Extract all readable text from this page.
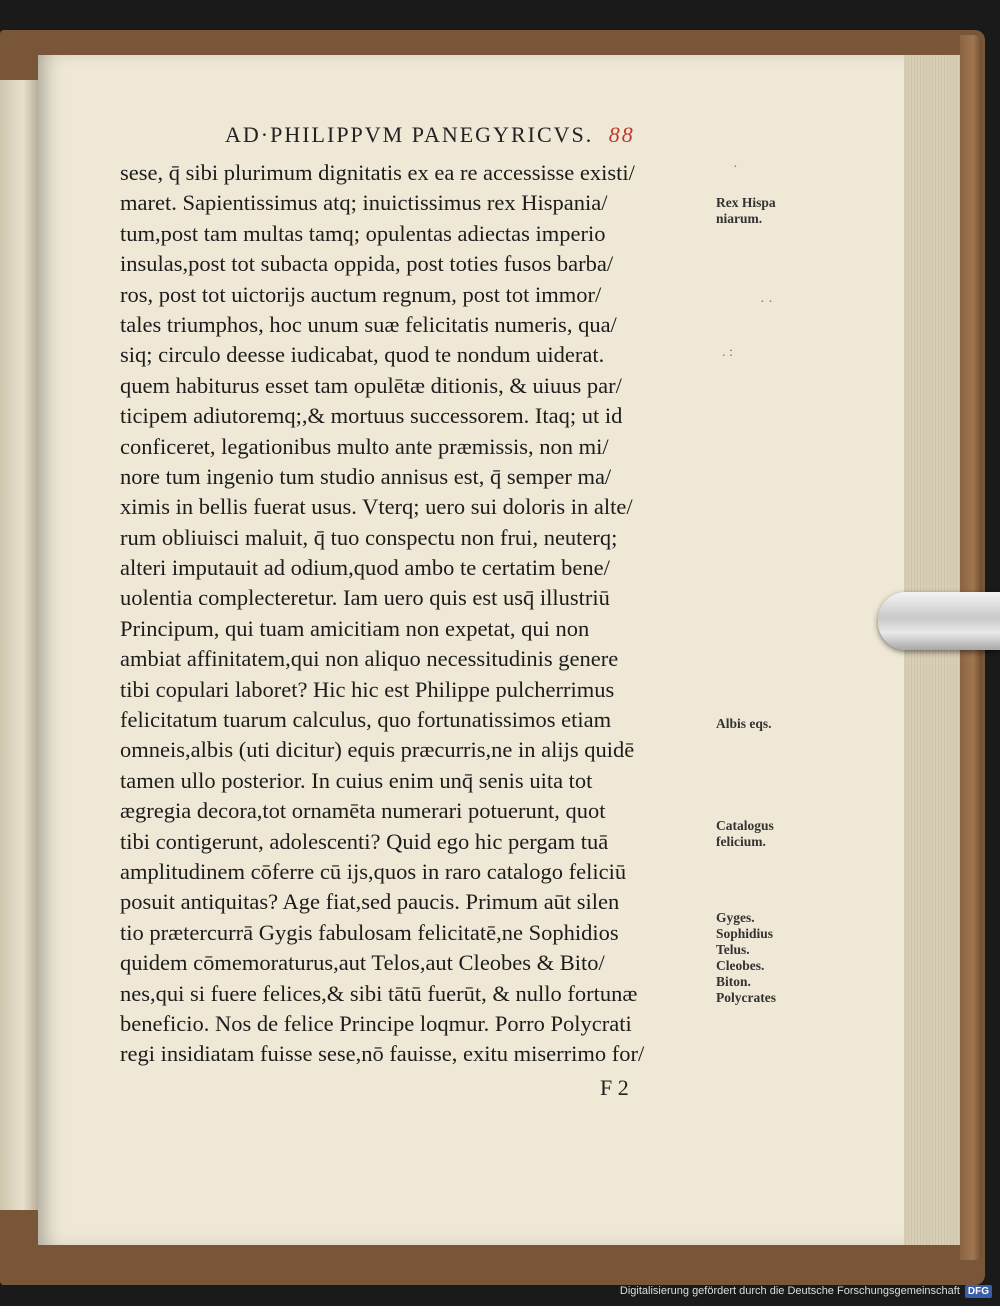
AD·PHILIPPVM PANEGYRICVS. 88
sese, q̄ sibi plurimum dignitatis ex ea re accessisse existi/
maret. Sapientissimus atq; inuictissimus rex Hispania/
tum,post tam multas tamq; opulentas adiectas imperio
insulas,post tot subacta oppida, post toties fusos barba/
ros, post tot uictorijs auctum regnum, post tot immor/
tales triumphos, hoc unum suæ felicitatis numeris, qua/
siq; circulo deesse iudicabat, quod te nondum uiderat.
quem habiturus esset tam opulētæ ditionis, & uiuus par/
ticipem adiutoremq;,& mortuus successorem. Itaq; ut id
conficeret, legationibus multo ante præmissis, non mi/
nore tum ingenio tum studio annisus est, q̄ semper ma/
ximis in bellis fuerat usus. Vterq; uero sui doloris in alte/
rum obliuisci maluit, q̄ tuo conspectu non frui, neuterq;
alteri imputauit ad odium,quod ambo te certatim bene/
uolentia complecteretur. Iam uero quis est usq̄ illustriū
Principum, qui tuam amicitiam non expetat, qui non
ambiat affinitatem,qui non aliquo necessitudinis genere
tibi copulari laboret? Hic hic est Philippe pulcherrimus
felicitatum tuarum calculus, quo fortunatissimos etiam
omneis,albis (uti dicitur) equis præcurris,ne in alijs quidē
tamen ullo posterior. In cuius enim unq̄ senis uita tot
ægregia decora,tot ornamēta numerari potuerunt, quot
tibi contigerunt, adolescenti? Quid ego hic pergam tuā
amplitudinem cōferre cū ijs,quos in raro catalogo feliciū
posuit antiquitas? Age fiat,sed paucis. Primum aūt silen
tio prætercurrā Gygis fabulosam felicitatē,ne Sophidios
quidem cōmemoraturus,aut Telos,aut Cleobes & Bito/
nes,qui si fuere felices,& sibi tātū fuerūt, & nullo fortunæ
beneficio. Nos de felice Principe loqmur. Porro Polycrati
regi insidiatam fuisse sese,nō fauisse, exitu miserrimo for/
Rex Hispa
niarum.
Albis eqs.
Catalogus
felicium.
Gyges.
Sophidius
Telus.
Cleobes.
Biton.
Polycrates
·
· ·
. :
F 2
Digitalisierung gefördert durch die Deutsche Forschungsgemeinschaft DFG
